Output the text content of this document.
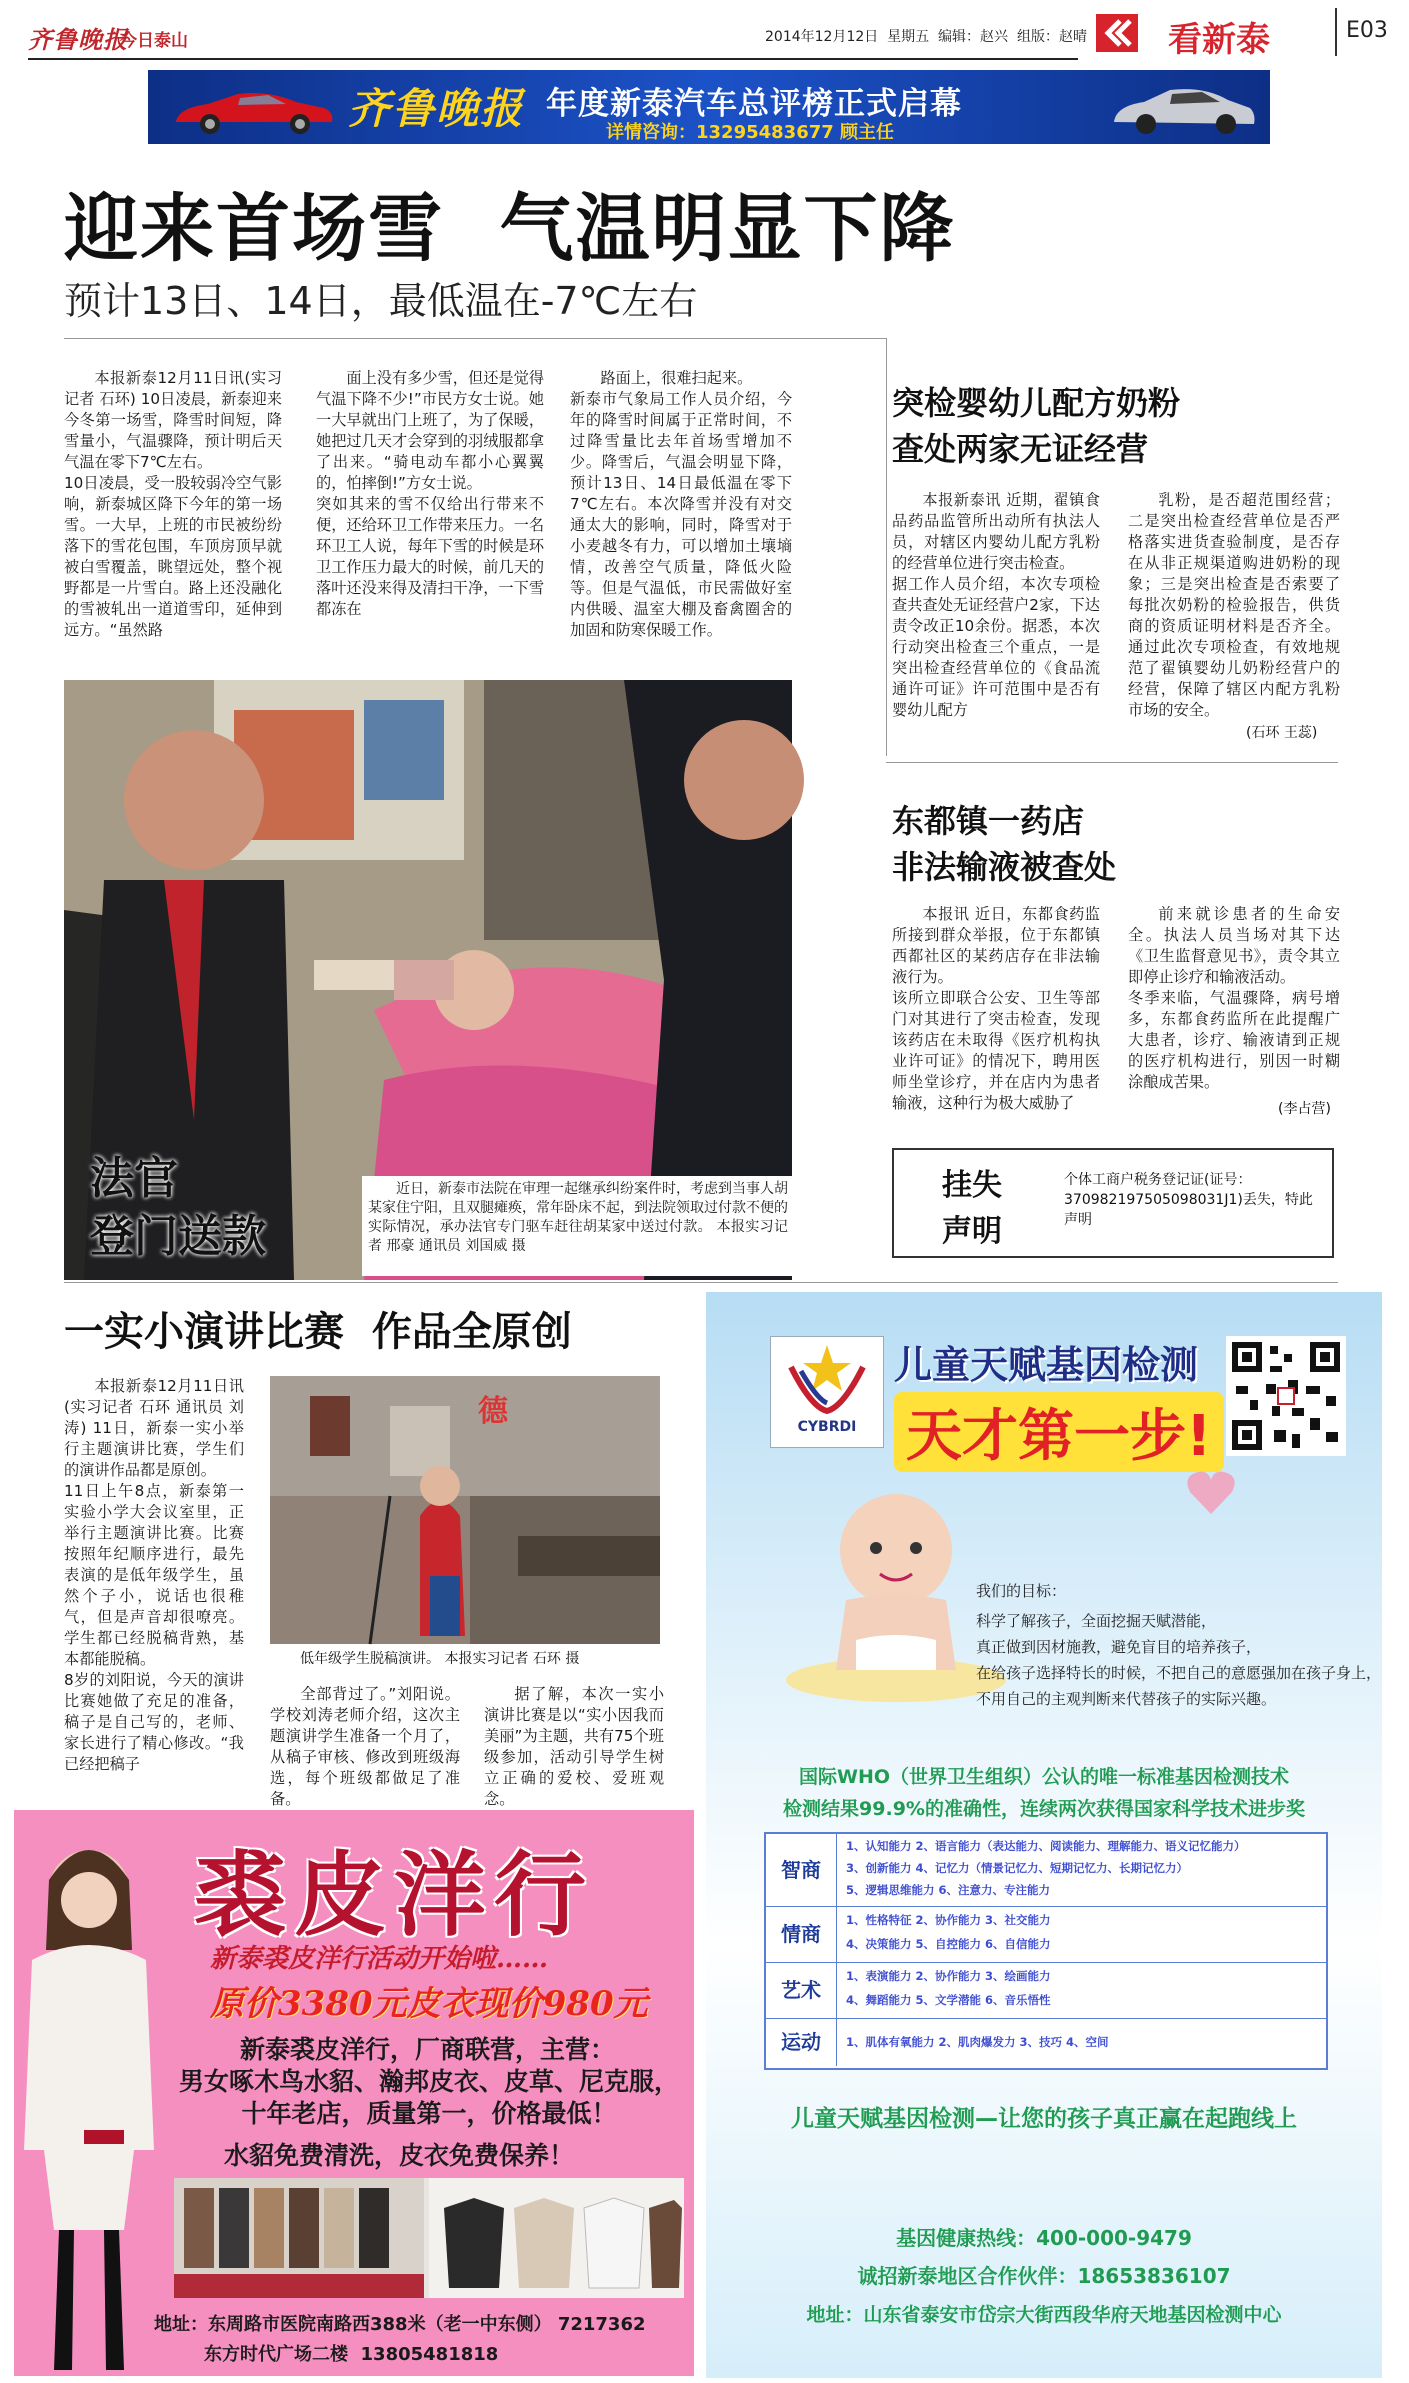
齐鲁晚报
今日泰山	2014年12月12日  星期五  编辑：赵兴  组版：赵晴 看新泰	E03
齐鲁晚报 年度新泰汽车总评榜正式启幕
详情咨询：13295483677 顾主任
迎来首场雪  气温明显下降
预计13日、14日，最低温在-7℃左右
本报新泰12月11日讯(实习记者 石环) 10日凌晨，新泰迎来今冬第一场雪，降雪时间短，降雪量小，气温骤降，预计明后天气温在零下7℃左右。
10日凌晨，受一股较弱冷空气影响，新泰城区降下今年的第一场雪。一大早，上班的市民被纷纷落下的雪花包围，车顶房顶早就被白雪覆盖，眺望远处，整个视野都是一片雪白。路上还没融化的雪被轧出一道道雪印，延伸到远方。“虽然路
面上没有多少雪，但还是觉得气温下降不少!”市民方女士说。她一大早就出门上班了，为了保暖，她把过几天才会穿到的羽绒服都拿了出来。“骑电动车都小心翼翼的，怕摔倒!”方女士说。
突如其来的雪不仅给出行带来不便，还给环卫工作带来压力。一名环卫工人说，每年下雪的时候是环卫工作压力最大的时候，前几天的落叶还没来得及清扫干净，一下雪都冻在
路面上，很难扫起来。
新泰市气象局工作人员介绍，今年的降雪时间属于正常时间，不过降雪量比去年首场雪增加不少。降雪后，气温会明显下降，预计13日、14日最低温在零下7℃左右。本次降雪并没有对交通太大的影响，同时，降雪对于小麦越冬有力，可以增加土壤墒情，改善空气质量，降低火险等。但是气温低，市民需做好室内供暖、温室大棚及畜禽圈舍的加固和防寒保暖工作。
突检婴幼儿配方奶粉
查处两家无证经营
本报新泰讯 近期，翟镇食品药品监管所出动所有执法人员，对辖区内婴幼儿配方乳粉的经营单位进行突击检查。
据工作人员介绍，本次专项检查共查处无证经营户2家，下达责令改正10余份。据悉，本次行动突出检查三个重点，一是突出检查经营单位的《食品流通许可证》许可范围中是否有婴幼儿配方
乳粉，是否超范围经营；二是突出检查经营单位是否严格落实进货查验制度，是否存在从非正规渠道购进奶粉的现象；三是突出检查是否索要了每批次奶粉的检验报告，供货商的资质证明材料是否齐全。通过此次专项检查，有效地规范了翟镇婴幼儿奶粉经营户的经营，保障了辖区内配方乳粉市场的安全。
(石环 王蕊)
法官
登门送款
近日，新泰市法院在审理一起继承纠纷案件时，考虑到当事人胡某家住宁阳，且双腿瘫痪，常年卧床不起，到法院领取过付款不便的实际情况，承办法官专门驱车赶往胡某家中送过付款。 本报实习记者 邢豪 通讯员 刘国威 摄
东都镇一药店
非法输液被查处
本报讯 近日，东都食药监所接到群众举报，位于东都镇西都社区的某药店存在非法输液行为。
该所立即联合公安、卫生等部门对其进行了突击检查，发现该药店在未取得《医疗机构执业许可证》的情况下，聘用医师坐堂诊疗，并在店内为患者输液，这种行为极大威胁了
前来就诊患者的生命安全。执法人员当场对其下达《卫生监督意见书》，责令其立即停止诊疗和输液活动。
冬季来临，气温骤降，病号增多，东都食药监所在此提醒广大患者，诊疗、输液请到正规的医疗机构进行，别因一时糊涂酿成苦果。
(李占营)
挂失
声明
个体工商户税务登记证(证号：370982197505098031J1)丢失，特此声明
一实小演讲比赛  作品全原创
本报新泰12月11日讯(实习记者 石环 通讯员 刘涛) 11日，新泰一实小举行主题演讲比赛，学生们的演讲作品都是原创。
11日上午8点，新泰第一实验小学大会议室里，正举行主题演讲比赛。比赛按照年纪顺序进行，最先表演的是低年级学生，虽然个子小，说话也很稚气，但是声音却很嘹亮。学生都已经脱稿背熟，基本都能脱稿。
8岁的刘阳说，今天的演讲比赛她做了充足的准备，稿子是自己写的，老师、家长进行了精心修改。“我已经把稿子
德
低年级学生脱稿演讲。 本报实习记者 石环 摄
全部背过了。”刘阳说。学校刘涛老师介绍，这次主题演讲学生准备一个月了，从稿子审核、修改到班级海选，每个班级都做足了准备。
据了解，本次一实小演讲比赛是以“实小因我而美丽”为主题，共有75个班级参加，活动引导学生树立正确的爱校、爱班观念。
裘皮洋行
新泰裘皮洋行活动开始啦……
原价3380元皮衣现价980元
新泰裘皮洋行，厂商联营，主营：
男女啄木鸟水貂、瀚邦皮衣、皮草、尼克服，十年老店，质量第一，价格最低！
水貂免费清洗，皮衣免费保养！
地址：东周路市医院南路西388米（老一中东侧） 7217362
东方时代广场二楼  13805481818
CYBRDI
儿童天赋基因检测
天才第一步!
我们的目标：
科学了解孩子，全面挖掘天赋潜能，
真正做到因材施教，避免盲目的培养孩子，
在给孩子选择特长的时候，不把自己的意愿强加在孩子身上，
不用自己的主观判断来代替孩子的实际兴趣。
国际WHO（世界卫生组织）公认的唯一标准基因检测技术
检测结果99.9%的准确性，连续两次获得国家科学技术进步奖
智商
1、认知能力 2、语言能力（表达能力、阅读能力、理解能力、语义记忆能力）
3、创新能力 4、记忆力（情景记忆力、短期记忆力、长期记忆力）
5、逻辑思维能力 6、注意力、专注能力
情商
1、性格特征 2、协作能力 3、社交能力
4、决策能力 5、自控能力 6、自信能力
艺术
1、表演能力 2、协作能力 3、绘画能力
4、舞蹈能力 5、文学潜能 6、音乐悟性
运动	1、肌体有氧能力 2、肌肉爆发力 3、技巧 4、空间
儿童天赋基因检测—让您的孩子真正赢在起跑线上
基因健康热线：400-000-9479
诚招新泰地区合作伙伴：18653836107
地址：山东省泰安市岱宗大街西段华府天地基因检测中心
